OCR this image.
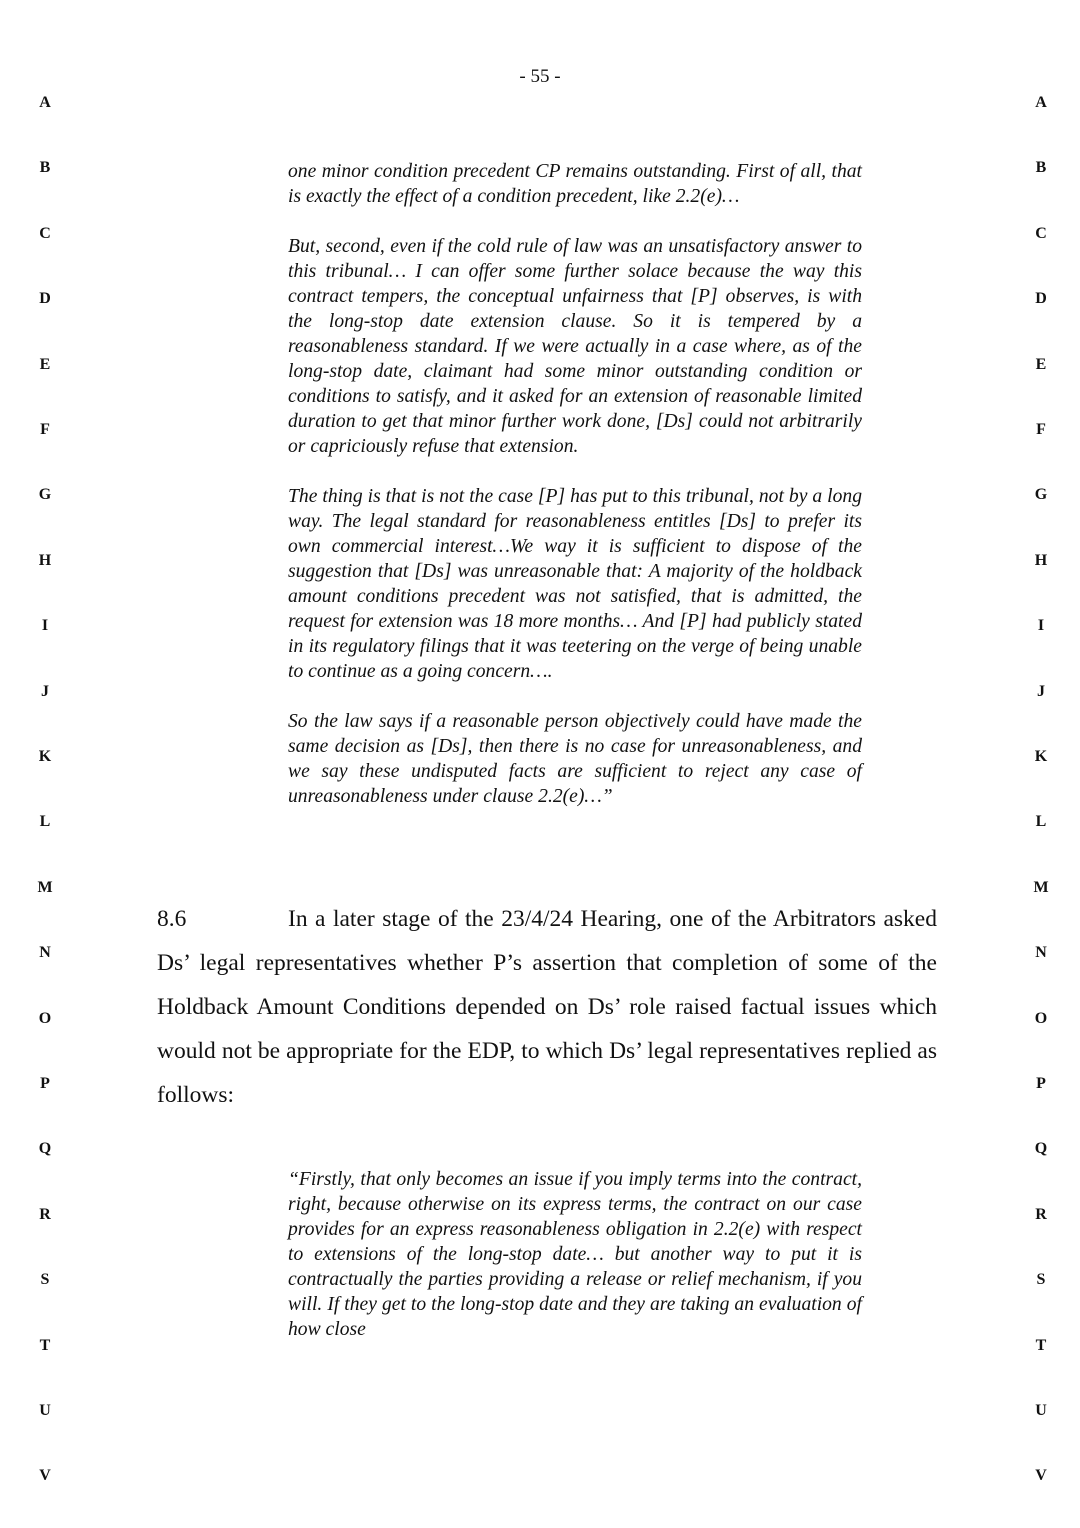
- 55 -
A
B
C
D
E
F
G
H
I
J
K
L
M
N
O
P
Q
R
S
T
U
V
A
B
C
D
E
F
G
H
I
J
K
L
M
N
O
P
Q
R
S
T
U
V

one minor condition precedent CP remains outstanding. First of all, that is exactly the effect of a condition precedent, like 2.2(e)…

But, second, even if the cold rule of law was an unsatisfactory answer to this tribunal… I can offer some further solace because the way this contract tempers, the conceptual unfairness that [P] observes, is with the long-stop date extension clause. So it is tempered by a reasonableness standard. If we were actually in a case where, as of the long-stop date, claimant had some minor outstanding condition or conditions to satisfy, and it asked for an extension of reasonable limited duration to get that minor further work done, [Ds] could not arbitrarily or capriciously refuse that extension.

The thing is that is not the case [P] has put to this tribunal, not by a long way. The legal standard for reasonableness entitles [Ds] to prefer its own commercial interest…We way it is sufficient to dispose of the suggestion that [Ds] was unreasonable that: A majority of the holdback amount conditions precedent was not satisfied, that is admitted, the request for extension was 18 more months… And [P] had publicly stated in its regulatory filings that it was teetering on the verge of being unable to continue as a going concern….

So the law says if a reasonable person objectively could have made the same decision as [Ds], then there is no case for unreasonableness, and we say these undisputed facts are sufficient to reject any case of unreasonableness under clause 2.2(e)…”

8.6	In a later stage of the 23/4/24 Hearing, one of the Arbitrators asked Ds’ legal representatives whether P’s assertion that completion of some of the Holdback Amount Conditions depended on Ds’ role raised factual issues which would not be appropriate for the EDP, to which Ds’ legal representatives replied as follows:

“Firstly, that only becomes an issue if you imply terms into the contract, right, because otherwise on its express terms, the contract on our case provides for an express reasonableness obligation in 2.2(e) with respect to extensions of the long-stop date… but another way to put it is contractually the parties providing a release or relief mechanism, if you will. If they get to the long-stop date and they are taking an evaluation of how close
